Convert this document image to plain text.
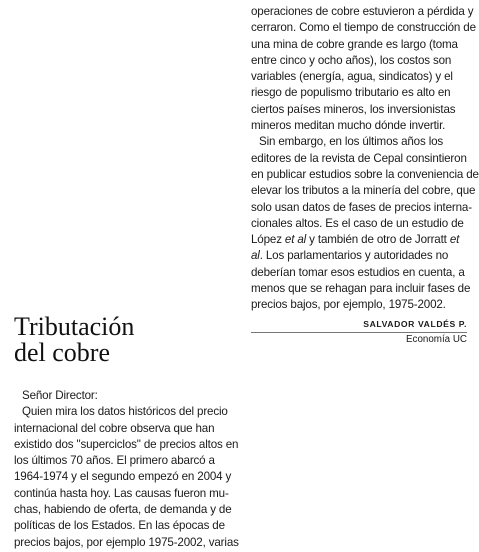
operaciones de cobre estuvieron a pérdida y
cerraron. Como el tiempo de construcción de
una mina de cobre grande es largo (toma
entre cinco y ocho años), los costos son
variables (energía, agua, sindicatos) y el
riesgo de populismo tributario es alto en
ciertos países mineros, los inversionistas
mineros meditan mucho dónde invertir.
Sin embargo, en los últimos años los
editores de la revista de Cepal consintieron
en publicar estudios sobre la conveniencia de
elevar los tributos a la minería del cobre, que
solo usan datos de fases de precios interna-
cionales altos. Es el caso de un estudio de
López et al y también de otro de Jorratt et
al. Los parlamentarios y autoridades no
deberían tomar esos estudios en cuenta, a
menos que se rehagan para incluir fases de
precios bajos, por ejemplo, 1975-2002.
SALVADOR VALDÉS P.
Economía UC
Tributación
del cobre
Señor Director:
Quien mira los datos históricos del precio
internacional del cobre observa que han
existido dos "superciclos" de precios altos en
los últimos 70 años. El primero abarcó a
1964-1974 y el segundo empezó en 2004 y
continúa hasta hoy. Las causas fueron mu-
chas, habiendo de oferta, de demanda y de
políticas de los Estados. En las épocas de
precios bajos, por ejemplo 1975-2002, varias
